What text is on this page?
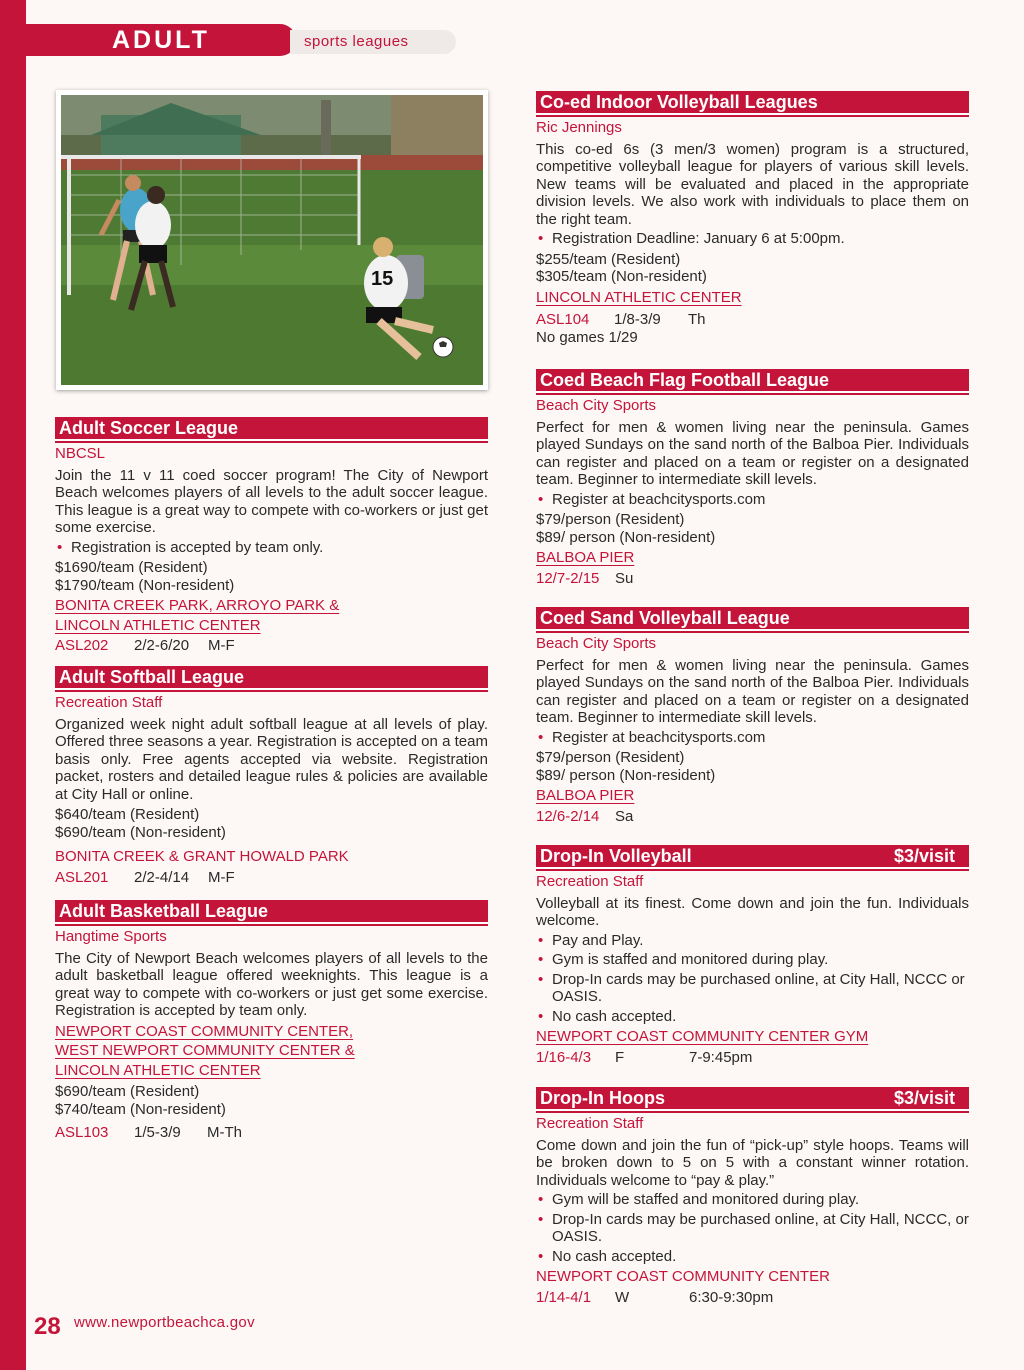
ADULT	sports leagues
15
Adult Soccer League
NBCSL
Join the 11 v 11 coed soccer program! The City of Newport Beach welcomes players of all levels to the adult soccer league. This league is a great way to compete with co-workers or just get some exercise.
• Registration is accepted by team only.
$1690/team (Resident)
$1790/team (Non-resident)
BONITA CREEK PARK, ARROYO PARK &
LINCOLN ATHLETIC CENTER
ASL202 2/2-6/20 M-F
Adult Softball League
Recreation Staff
Organized week night adult softball league at all levels of play. Offered three seasons a year. Registration is accepted on a team basis only. Free agents accepted via website. Registration packet, rosters and detailed league rules & policies are available at City Hall or online.
$640/team (Resident)
$690/team (Non-resident)
BONITA CREEK & GRANT HOWALD PARK
ASL201 2/2-4/14 M-F
Adult Basketball League
Hangtime Sports
The City of Newport Beach welcomes players of all levels to the adult basketball league offered weeknights. This league is a great way to compete with co-workers or just get some exercise. Registration is accepted by team only.
NEWPORT COAST COMMUNITY CENTER,
WEST NEWPORT COMMUNITY CENTER &
LINCOLN ATHLETIC CENTER
$690/team (Resident)
$740/team (Non-resident)
ASL103 1/5-3/9 M-Th
Co-ed Indoor Volleyball Leagues
Ric Jennings
This co-ed 6s (3 men/3 women) program is a structured, competitive volleyball league for players of various skill levels. New teams will be evaluated and placed in the appropriate division levels. We also work with individuals to place them on the right team.
• Registration Deadline: January 6 at 5:00pm.
$255/team (Resident)
$305/team (Non-resident)
LINCOLN ATHLETIC CENTER
ASL104 1/8-3/9 Th
No games 1/29
Coed Beach Flag Football League
Beach City Sports
Perfect for men & women living near the peninsula. Games played Sundays on the sand north of the Balboa Pier. Individuals can register and placed on a team or register on a designated team. Beginner to intermediate skill levels.
• Register at beachcitysports.com
$79/person (Resident)
$89/ person (Non-resident)
BALBOA PIER
12/7-2/15 Su
Coed Sand Volleyball League
Beach City Sports
Perfect for men & women living near the peninsula. Games played Sundays on the sand north of the Balboa Pier. Individuals can register and placed on a team or register on a designated team. Beginner to intermediate skill levels.
• Register at beachcitysports.com
$79/person (Resident)
$89/ person (Non-resident)
BALBOA PIER
12/6-2/14 Sa
Drop-In Volleyball	$3/visit
Recreation Staff
Volleyball at its finest. Come down and join the fun. Individuals welcome.
• Pay and Play.
• Gym is staffed and monitored during play.
• Drop-In cards may be purchased online, at City Hall, NCCC or OASIS.
• No cash accepted.
NEWPORT COAST COMMUNITY CENTER GYM
1/16-4/3 F	7-9:45pm
Drop-In Hoops	$3/visit
Recreation Staff
Come down and join the fun of “pick-up” style hoops. Teams will be broken down to 5 on 5 with a constant winner rotation. Individuals welcome to “pay & play.”
• Gym will be staffed and monitored during play.
• Drop-In cards may be purchased online, at City Hall, NCCC, or OASIS.
• No cash accepted.
NEWPORT COAST COMMUNITY CENTER
1/14-4/1 W	6:30-9:30pm
28 www.newportbeachca.gov
